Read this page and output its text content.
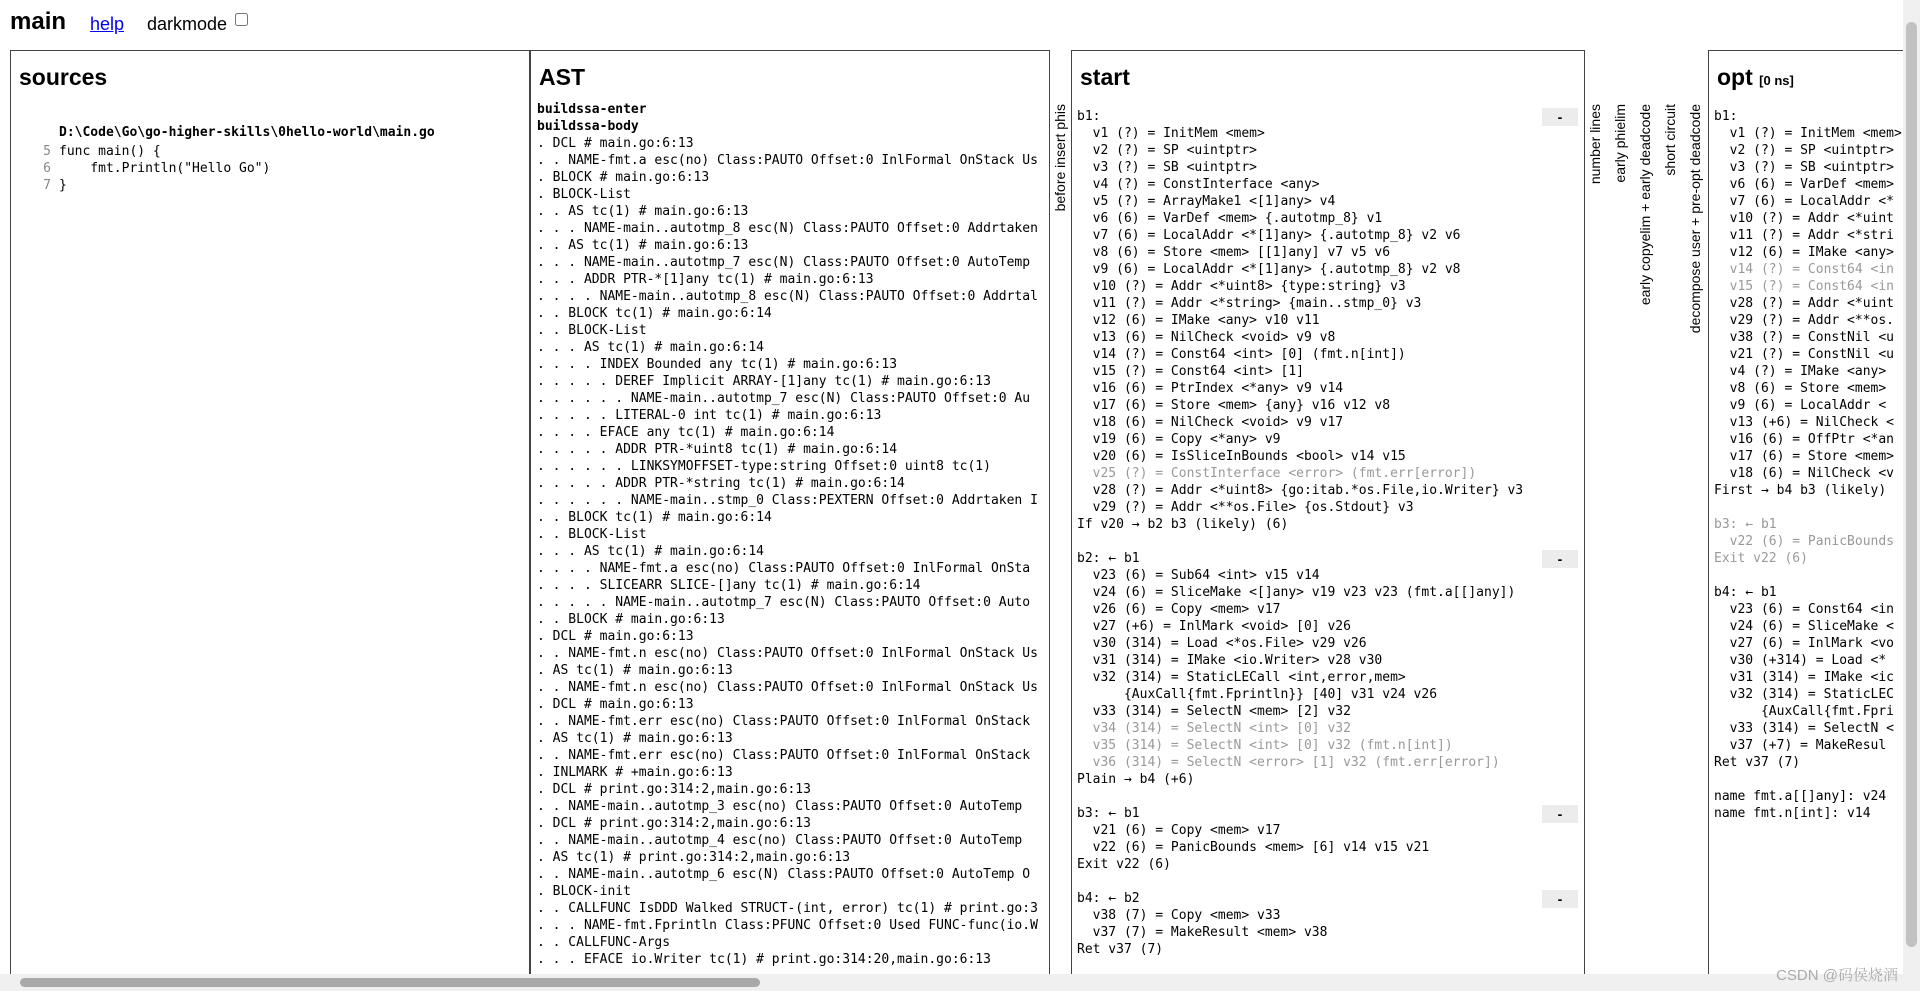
main help darkmode
sources
D:\Code\Go\go-higher-skills\0hello-world\main.go
5 func main() {
6    fmt.Println("Hello Go")
7 }
AST
buildssa-enter
buildssa-body
. DCL # main.go:6:13
. . NAME-fmt.a esc(no) Class:PAUTO Offset:0 InlFormal OnStack Us
. BLOCK # main.go:6:13
. BLOCK-List
. . AS tc(1) # main.go:6:13
. . . NAME-main..autotmp_8 esc(N) Class:PAUTO Offset:0 Addrtaken
. . AS tc(1) # main.go:6:13
. . . NAME-main..autotmp_7 esc(N) Class:PAUTO Offset:0 AutoTemp
. . . ADDR PTR-*[1]any tc(1) # main.go:6:13
. . . . NAME-main..autotmp_8 esc(N) Class:PAUTO Offset:0 Addrtal
. . BLOCK tc(1) # main.go:6:14
. . BLOCK-List
. . . AS tc(1) # main.go:6:14
. . . . INDEX Bounded any tc(1) # main.go:6:13
. . . . . DEREF Implicit ARRAY-[1]any tc(1) # main.go:6:13
. . . . . . NAME-main..autotmp_7 esc(N) Class:PAUTO Offset:0 Au
. . . . . LITERAL-0 int tc(1) # main.go:6:13
. . . . EFACE any tc(1) # main.go:6:14
. . . . . ADDR PTR-*uint8 tc(1) # main.go:6:14
. . . . . . LINKSYMOFFSET-type:string Offset:0 uint8 tc(1)
. . . . . ADDR PTR-*string tc(1) # main.go:6:14
. . . . . . NAME-main..stmp_0 Class:PEXTERN Offset:0 Addrtaken I
. . BLOCK tc(1) # main.go:6:14
. . BLOCK-List
. . . AS tc(1) # main.go:6:14
. . . . NAME-fmt.a esc(no) Class:PAUTO Offset:0 InlFormal OnSta
. . . . SLICEARR SLICE-[]any tc(1) # main.go:6:14
. . . . . NAME-main..autotmp_7 esc(N) Class:PAUTO Offset:0 Auto
. . BLOCK # main.go:6:13
. DCL # main.go:6:13
. . NAME-fmt.n esc(no) Class:PAUTO Offset:0 InlFormal OnStack Us
. AS tc(1) # main.go:6:13
. . NAME-fmt.n esc(no) Class:PAUTO Offset:0 InlFormal OnStack Us
. DCL # main.go:6:13
. . NAME-fmt.err esc(no) Class:PAUTO Offset:0 InlFormal OnStack
. AS tc(1) # main.go:6:13
. . NAME-fmt.err esc(no) Class:PAUTO Offset:0 InlFormal OnStack
. INLMARK # +main.go:6:13
. DCL # print.go:314:2,main.go:6:13
. . NAME-main..autotmp_3 esc(no) Class:PAUTO Offset:0 AutoTemp
. DCL # print.go:314:2,main.go:6:13
. . NAME-main..autotmp_4 esc(no) Class:PAUTO Offset:0 AutoTemp
. AS tc(1) # print.go:314:2,main.go:6:13
. . NAME-main..autotmp_6 esc(N) Class:PAUTO Offset:0 AutoTemp O
. BLOCK-init
. . CALLFUNC IsDDD Walked STRUCT-(int, error) tc(1) # print.go:3
. . . NAME-fmt.Fprintln Class:PFUNC Offset:0 Used FUNC-func(io.W
. . CALLFUNC-Args
. . . EFACE io.Writer tc(1) # print.go:314:20,main.go:6:13
before insert phis
start
b1:
v1 (?) = InitMem <mem>
v2 (?) = SP <uintptr>
v3 (?) = SB <uintptr>
v4 (?) = ConstInterface <any>
v5 (?) = ArrayMake1 <[1]any> v4
v6 (6) = VarDef <mem> {.autotmp_8} v1
v7 (6) = LocalAddr <*[1]any> {.autotmp_8} v2 v6
v8 (6) = Store <mem> [[1]any] v7 v5 v6
v9 (6) = LocalAddr <*[1]any> {.autotmp_8} v2 v8
v10 (?) = Addr <*uint8> {type:string} v3
v11 (?) = Addr <*string> {main..stmp_0} v3
v12 (6) = IMake <any> v10 v11
v13 (6) = NilCheck <void> v9 v8
v14 (?) = Const64 <int> [0] (fmt.n[int])
v15 (?) = Const64 <int> [1]
v16 (6) = PtrIndex <*any> v9 v14
v17 (6) = Store <mem> {any} v16 v12 v8
v18 (6) = NilCheck <void> v9 v17
v19 (6) = Copy <*any> v9
v20 (6) = IsSliceInBounds <bool> v14 v15
v25 (?) = ConstInterface <error> (fmt.err[error])
v28 (?) = Addr <*uint8> {go:itab.*os.File,io.Writer} v3
v29 (?) = Addr <**os.File> {os.Stdout} v3
If v20 → b2 b3 (likely) (6)
b2: ← b1
v23 (6) = Sub64 <int> v15 v14
v24 (6) = SliceMake <[]any> v19 v23 v23 (fmt.a[[]any])
v26 (6) = Copy <mem> v17
v27 (+6) = InlMark <void> [0] v26
v30 (314) = Load <*os.File> v29 v26
v31 (314) = IMake <io.Writer> v28 v30
v32 (314) = StaticLECall <int,error,mem>
{AuxCall{fmt.Fprintln}} [40] v31 v24 v26
v33 (314) = SelectN <mem> [2] v32
v34 (314) = SelectN <int> [0] v32
v35 (314) = SelectN <int> [0] v32 (fmt.n[int])
v36 (314) = SelectN <error> [1] v32 (fmt.err[error])
Plain → b4 (+6)
b3: ← b1
v21 (6) = Copy <mem> v17
v22 (6) = PanicBounds <mem> [6] v14 v15 v21
Exit v22 (6)
b4: ← b2
v38 (7) = Copy <mem> v33
v37 (7) = MakeResult <mem> v38
Ret v37 (7)
-
-
-
-
number lines early phielim early copyelim + early deadcode short circuit decompose user + pre-opt deadcode
opt [0 ns]
b1:
v1 (?) = InitMem <mem>
v2 (?) = SP <uintptr>
v3 (?) = SB <uintptr>
v6 (6) = VarDef <mem>
v7 (6) = LocalAddr <*
v10 (?) = Addr <*uint
v11 (?) = Addr <*stri
v12 (6) = IMake <any>
v14 (?) = Const64 <in
v15 (?) = Const64 <in
v28 (?) = Addr <*uint
v29 (?) = Addr <**os.
v38 (?) = ConstNil <u
v21 (?) = ConstNil <u
v4 (?) = IMake <any>
v8 (6) = Store <mem>
v9 (6) = LocalAddr <
v13 (+6) = NilCheck <
v16 (6) = OffPtr <*an
v17 (6) = Store <mem>
v18 (6) = NilCheck <v
First → b4 b3 (likely)
b3: ← b1
v22 (6) = PanicBounds
Exit v22 (6)
b4: ← b1
v23 (6) = Const64 <in
v24 (6) = SliceMake <
v27 (6) = InlMark <vo
v30 (+314) = Load <*
v31 (314) = IMake <ic
v32 (314) = StaticLEC
{AuxCall{fmt.Fpri
v33 (314) = SelectN <
v37 (+7) = MakeResul
Ret v37 (7)
name fmt.a[[]any]: v24
name fmt.n[int]: v14
CSDN @码侯烧酒
